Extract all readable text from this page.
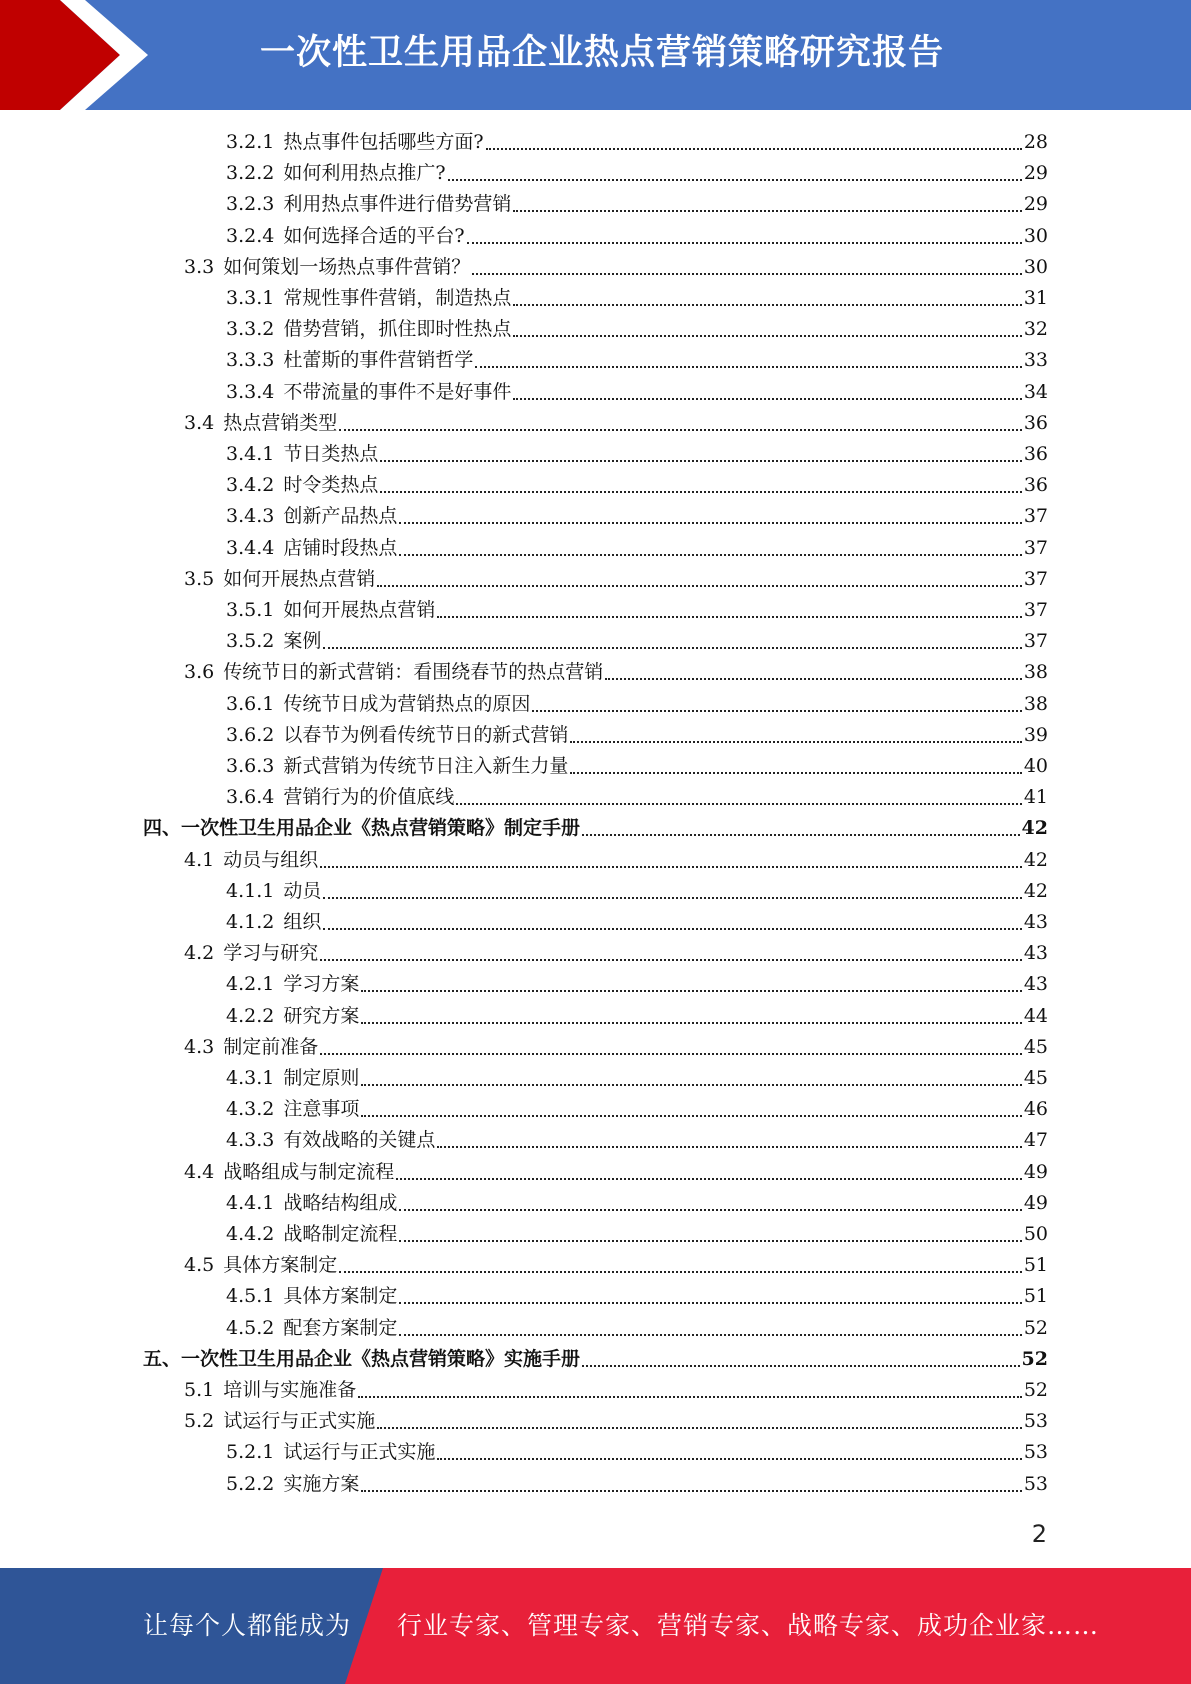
一次性卫生用品企业热点营销策略研究报告
3.2.1 热点事件包括哪些方面?	28
3.2.2 如何利用热点推广?	29
3.2.3 利用热点事件进行借势营销	29
3.2.4 如何选择合适的平台?	30
3.3 如何策划一场热点事件营销？	30
3.3.1 常规性事件营销，制造热点	31
3.3.2 借势营销，抓住即时性热点	32
3.3.3 杜蕾斯的事件营销哲学	33
3.3.4 不带流量的事件不是好事件	34
3.4 热点营销类型	36
3.4.1 节日类热点	36
3.4.2 时令类热点	36
3.4.3 创新产品热点	37
3.4.4 店铺时段热点	37
3.5 如何开展热点营销	37
3.5.1 如何开展热点营销	37
3.5.2 案例	37
3.6 传统节日的新式营销：看围绕春节的热点营销	38
3.6.1 传统节日成为营销热点的原因	38
3.6.2 以春节为例看传统节日的新式营销	39
3.6.3 新式营销为传统节日注入新生力量	40
3.6.4 营销行为的价值底线	41
四、 一次性卫生用品企业《热点营销策略》制定手册	42
4.1 动员与组织	42
4.1.1 动员	42
4.1.2 组织	43
4.2 学习与研究	43
4.2.1 学习方案	43
4.2.2 研究方案	44
4.3 制定前准备	45
4.3.1 制定原则	45
4.3.2 注意事项	46
4.3.3 有效战略的关键点	47
4.4 战略组成与制定流程	49
4.4.1 战略结构组成	49
4.4.2 战略制定流程	50
4.5 具体方案制定	51
4.5.1 具体方案制定	51
4.5.2 配套方案制定	52
五、 一次性卫生用品企业《热点营销策略》实施手册	52
5.1 培训与实施准备	52
5.2 试运行与正式实施	53
5.2.1 试运行与正式实施	53
5.2.2 实施方案	53
2
让每个人都能成为 行业专家、管理专家、营销专家、战略专家、成功企业家……
